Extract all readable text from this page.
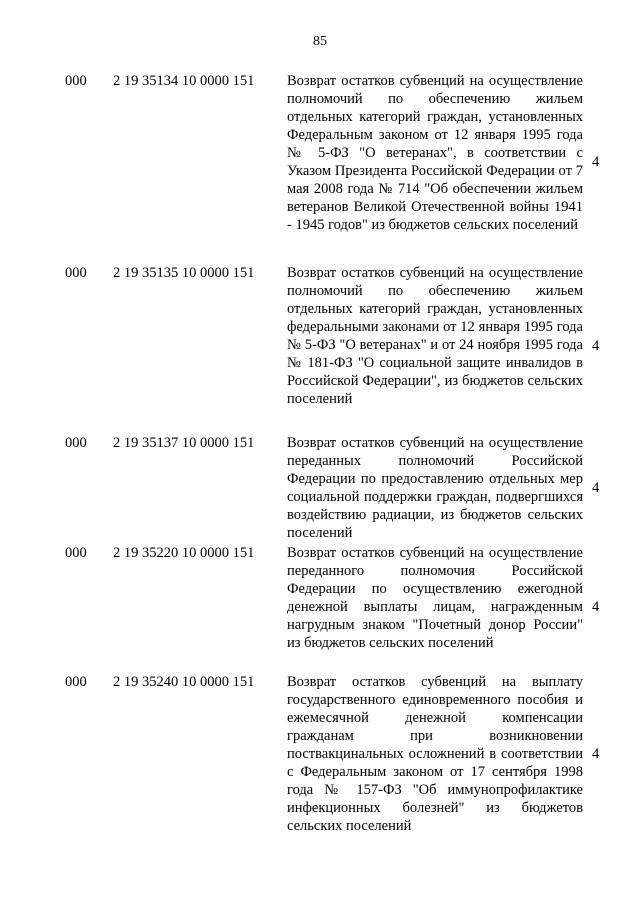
85
000 2 19 35134 10 0000 151 Возврат остатков субвенций на осуществление полномочий по обеспечению жильем отдельных категорий граждан, установленных Федеральным законом от 12 января 1995 года № 5-ФЗ "О ветеранах", в соответствии с Указом Президента Российской Федерации от 7 мая 2008 года № 714 "Об обеспечении жильем ветеранов Великой Отечественной войны 1941 - 1945 годов" из бюджетов сельских поселений
4
000 2 19 35135 10 0000 151 Возврат остатков субвенций на осуществление полномочий по обеспечению жильем отдельных категорий граждан, установленных федеральными законами от 12 января 1995 года № 5-ФЗ "О ветеранах" и от 24 ноября 1995 года № 181-ФЗ "О социальной защите инвалидов в Российской Федерации", из бюджетов сельских поселений
4
000 2 19 35137 10 0000 151 Возврат остатков субвенций на осуществление переданных полномочий Российской Федерации по предоставлению отдельных мер социальной поддержки граждан, подвергшихся воздействию радиации, из бюджетов сельских поселений
4
000 2 19 35220 10 0000 151 Возврат остатков субвенций на осуществление переданного полномочия Российской Федерации по осуществлению ежегодной денежной выплаты лицам, награжденным нагрудным знаком "Почетный донор России" из бюджетов сельских поселений
4
000 2 19 35240 10 0000 151 Возврат остатков субвенций на выплату государственного единовременного пособия и ежемесячной денежной компенсации гражданам при возникновении поствакцинальных осложнений в соответствии с Федеральным законом от 17 сентября 1998 года № 157-ФЗ "Об иммунопрофилактике инфекционных болезней" из бюджетов сельских поселений
4
